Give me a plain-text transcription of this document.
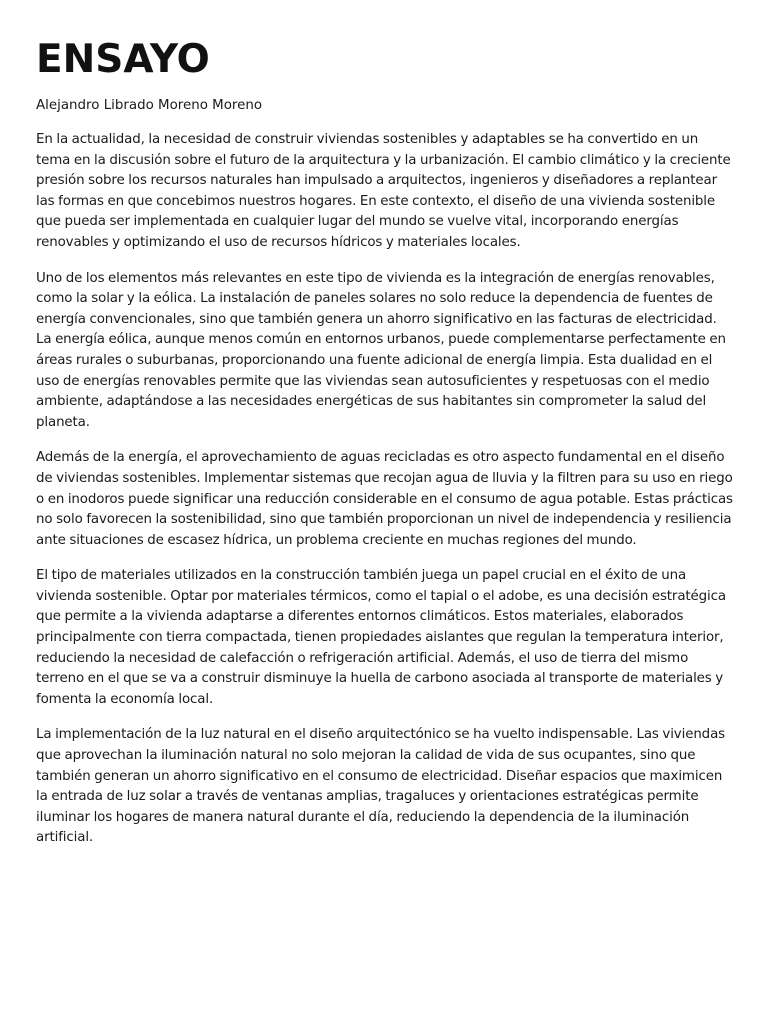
ENSAYO

Alejandro Librado Moreno Moreno

En la actualidad, la necesidad de construir viviendas sostenibles y adaptables se ha convertido en un tema en la discusión sobre el futuro de la arquitectura y la urbanización. El cambio climático y la creciente presión sobre los recursos naturales han impulsado a arquitectos, ingenieros y diseñadores a replantear las formas en que concebimos nuestros hogares. En este contexto, el diseño de una vivienda sostenible que pueda ser implementada en cualquier lugar del mundo se vuelve vital, incorporando energías renovables y optimizando el uso de recursos hídricos y materiales locales.

Uno de los elementos más relevantes en este tipo de vivienda es la integración de energías renovables, como la solar y la eólica. La instalación de paneles solares no solo reduce la dependencia de fuentes de energía convencionales, sino que también genera un ahorro significativo en las facturas de electricidad. La energía eólica, aunque menos común en entornos urbanos, puede complementarse perfectamente en áreas rurales o suburbanas, proporcionando una fuente adicional de energía limpia. Esta dualidad en el uso de energías renovables permite que las viviendas sean autosuficientes y respetuosas con el medio ambiente, adaptándose a las necesidades energéticas de sus habitantes sin comprometer la salud del planeta.

Además de la energía, el aprovechamiento de aguas recicladas es otro aspecto fundamental en el diseño de viviendas sostenibles. Implementar sistemas que recojan agua de lluvia y la filtren para su uso en riego o en inodoros puede significar una reducción considerable en el consumo de agua potable. Estas prácticas no solo favorecen la sostenibilidad, sino que también proporcionan un nivel de independencia y resiliencia ante situaciones de escasez hídrica, un problema creciente en muchas regiones del mundo.

El tipo de materiales utilizados en la construcción también juega un papel crucial en el éxito de una vivienda sostenible. Optar por materiales térmicos, como el tapial o el adobe, es una decisión estratégica que permite a la vivienda adaptarse a diferentes entornos climáticos. Estos materiales, elaborados principalmente con tierra compactada, tienen propiedades aislantes que regulan la temperatura interior, reduciendo la necesidad de calefacción o refrigeración artificial. Además, el uso de tierra del mismo terreno en el que se va a construir disminuye la huella de carbono asociada al transporte de materiales y fomenta la economía local.

La implementación de la luz natural en el diseño arquitectónico se ha vuelto indispensable. Las viviendas que aprovechan la iluminación natural no solo mejoran la calidad de vida de sus ocupantes, sino que también generan un ahorro significativo en el consumo de electricidad. Diseñar espacios que maximicen la entrada de luz solar a través de ventanas amplias, tragaluces y orientaciones estratégicas permite iluminar los hogares de manera natural durante el día, reduciendo la dependencia de la iluminación artificial.
